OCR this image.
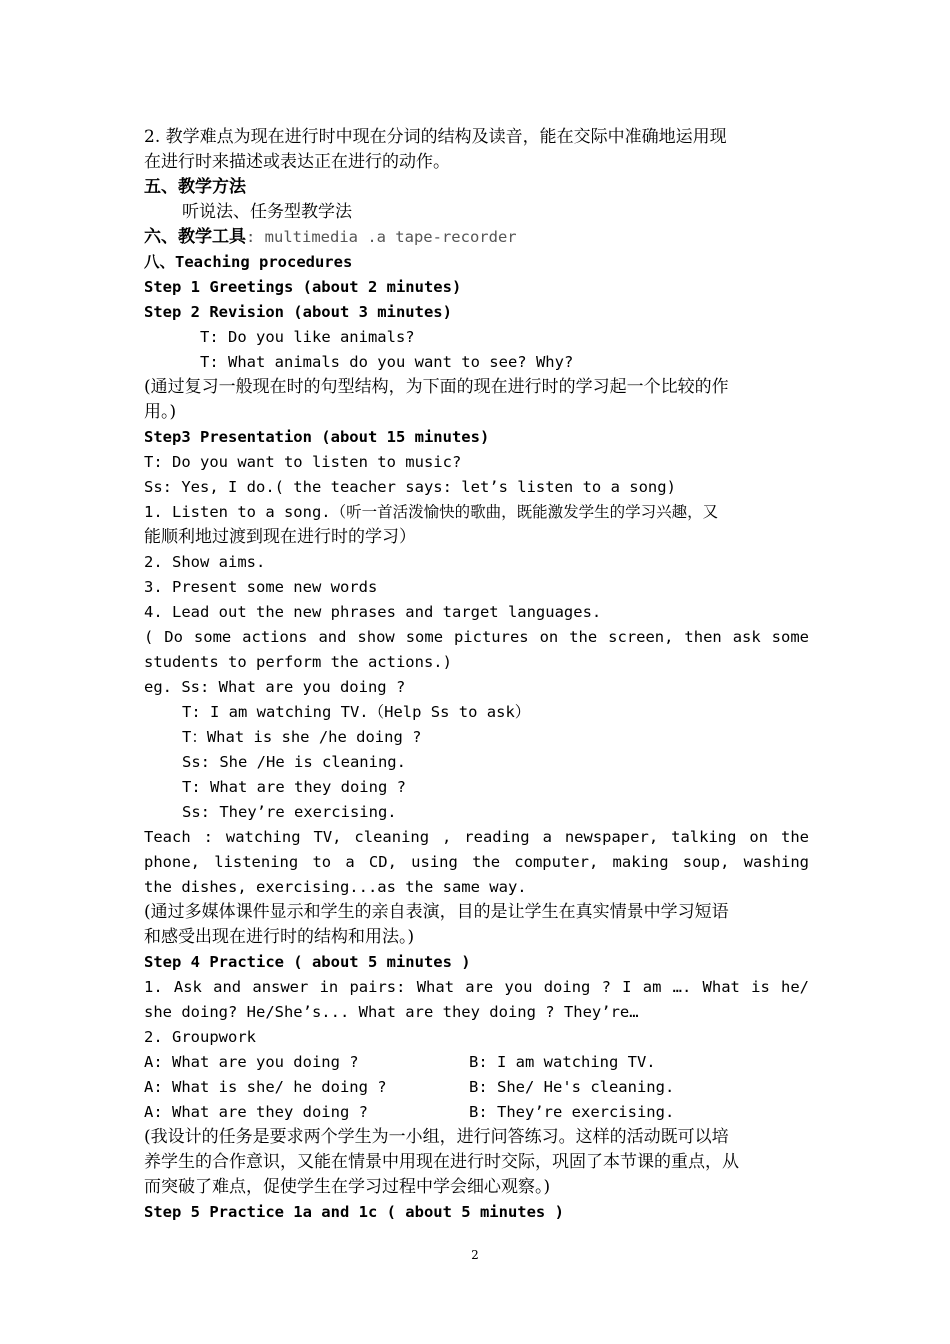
2. 教学难点为现在进行时中现在分词的结构及读音，能在交际中准确地运用现
在进行时来描述或表达正在进行的动作。
五、教学方法
听说法、任务型教学法
六、教学工具: multimedia .a tape-recorder
八、Teaching procedures
Step 1 Greetings (about 2 minutes)
Step 2 Revision (about 3 minutes)
T: Do you like animals?
T: What animals do you want to see? Why?
(通过复习一般现在时的句型结构，为下面的现在进行时的学习起一个比较的作
用。)
Step3 Presentation (about 15 minutes)
T: Do you want to listen to music?
Ss: Yes, I do.( the teacher says: let’s listen to a song)
1. Listen to a song.（听一首活泼愉快的歌曲，既能激发学生的学习兴趣，又
能顺利地过渡到现在进行时的学习）
2. Show aims.
3. Present some new words
4. Lead out the new phrases and target languages.
( Do some actions and show some pictures on the screen, then ask some
students to perform the actions.)
eg. Ss: What are you doing ?
T: I am watching TV.（Help Ss to ask）
T：What is she /he doing ?
Ss: She /He is cleaning.
T: What are they doing ?
Ss: They’re exercising.
Teach : watching TV, cleaning , reading a newspaper, talking on the
phone, listening to a CD, using the computer, making soup, washing
the dishes, exercising...as the same way.
(通过多媒体课件显示和学生的亲自表演，目的是让学生在真实情景中学习短语
和感受出现在进行时的结构和用法。)
Step 4 Practice ( about 5 minutes )
1. Ask and answer in pairs: What are you doing ? I am …. What is he/
she doing? He/She’s... What are they doing ? They’re…
2. Groupwork
(我设计的任务是要求两个学生为一小组，进行问答练习。这样的活动既可以培
养学生的合作意识，又能在情景中用现在进行时交际，巩固了本节课的重点，从
而突破了难点，促使学生在学习过程中学会细心观察。)
Step 5 Practice 1a and 1c ( about 5 minutes )
A: What are you doing ?	B: I am watching TV.
A: What is she/ he doing ?	B: She/ He's cleaning.
A: What are they doing ?	B: They’re exercising.
2
